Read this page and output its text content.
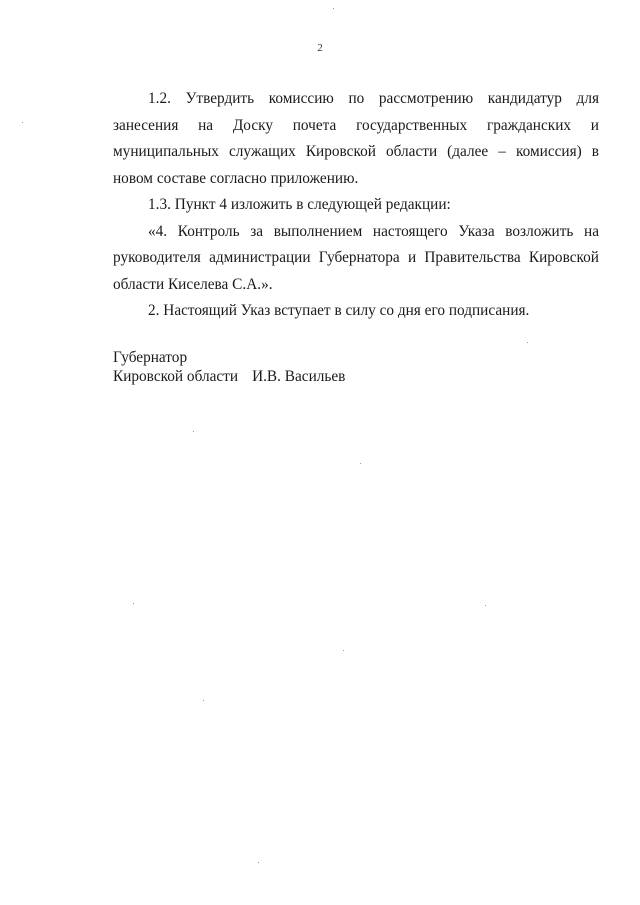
2

1.2. Утвердить комиссию по рассмотрению кандидатур для занесения на Доску почета государственных гражданских и муниципальных служащих Кировской области (далее – комиссия) в новом составе согласно приложению.

1.3. Пункт 4 изложить в следующей редакции:

«4. Контроль за выполнением настоящего Указа возложить на руководителя администрации Губернатора и Правительства Кировской области Киселева С.А.».

2. Настоящий Указ вступает в силу со дня его подписания.

Губернатор
Кировской области И.В. Васильев
